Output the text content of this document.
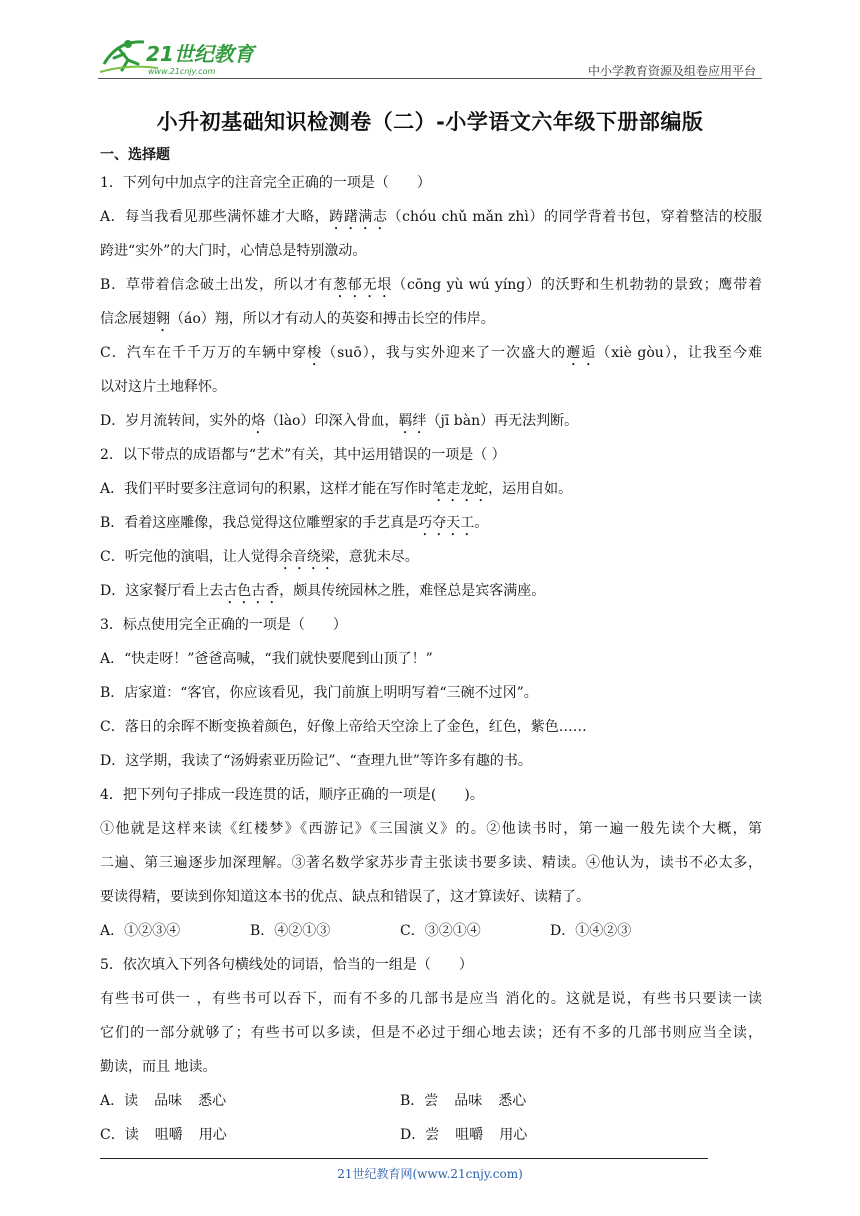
21世纪教育
www.21cnjy.com	中小学教育资源及组卷应用平台
小升初基础知识检测卷（二）-小学语文六年级下册部编版
一、选择题
1．下列句中加点字的注音完全正确的一项是（　　）
A．每当我看见那些满怀雄才大略，踌躇满志（chóu chǔ mǎn zhì）的同学背着书包，穿着整洁的校服
跨进“实外”的大门时，心情总是特别激动。
B．草带着信念破土出发，所以才有葱郁无垠（cōng yù wú yíng）的沃野和生机勃勃的景致；鹰带着
信念展翅翱（áo）翔，所以才有动人的英姿和搏击长空的伟岸。
C．汽车在千千万万的车辆中穿梭（suō），我与实外迎来了一次盛大的邂逅（xiè gòu），让我至今难
以对这片土地释怀。
D．岁月流转间，实外的烙（lào）印深入骨血，羁绊（jī bàn）再无法判断。
2．以下带点的成语都与“艺术”有关，其中运用错误的一项是（ ）
A．我们平时要多注意词句的积累，这样才能在写作时笔走龙蛇，运用自如。
B．看着这座雕像，我总觉得这位雕塑家的手艺真是巧夺天工。
C．听完他的演唱，让人觉得余音绕梁，意犹未尽。
D．这家餐厅看上去古色古香，颇具传统园林之胜，难怪总是宾客满座。
3．标点使用完全正确的一项是（　　）
A．“快走呀！”爸爸高喊，“我们就快要爬到山顶了！”
B．店家道：“客官，你应该看见，我门前旗上明明写着“三碗不过冈”。
C．落日的余晖不断变换着颜色，好像上帝给天空涂上了金色，红色，紫色……
D．这学期，我读了“汤姆索亚历险记”、“查理九世”等许多有趣的书。
4．把下列句子排成一段连贯的话，顺序正确的一项是(　　)。
①他就是这样来读《红楼梦》《西游记》《三国演义》的。②他读书时，第一遍一般先读个大概，第
二遍、第三遍逐步加深理解。③著名数学家苏步青主张读书要多读、精读。④他认为，读书不必太多，
要读得精，要读到你知道这本书的优点、缺点和错误了，这才算读好、读精了。
A．①②③④	B．④②①③	C．③②①④	D．①④②③
5．依次填入下列各句横线处的词语，恰当的一组是（　　）
有些书可供一 ，有些书可以吞下，而有不多的几部书是应当 消化的。这就是说，有些书只要读一读
它们的一部分就够了；有些书可以多读，但是不必过于细心地去读；还有不多的几部书则应当全读，
勤读，而且 地读。
A．读 品味 悉心	B．尝 品味 悉心
C．读 咀嚼 用心	D．尝 咀嚼 用心
21世纪教育网(www.21cnjy.com)
